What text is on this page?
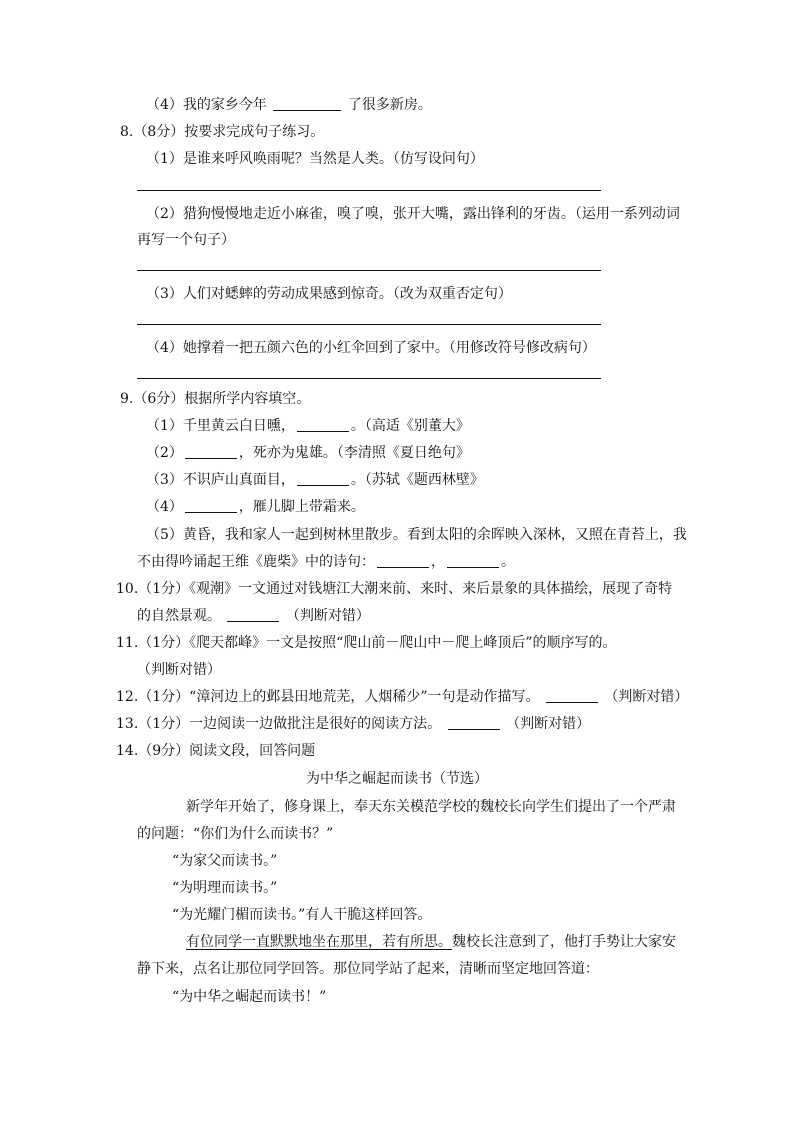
（4）我的家乡今年	了很多新房。
8.（8分）按要求完成句子练习。
（1）是谁来呼风唤雨呢？当然是人类。（仿写设问句）
（2）猎狗慢慢地走近小麻雀，嗅了嗅，张开大嘴，露出锋利的牙齿。（运用一系列动词
再写一个句子）
（3）人们对蟋蟀的劳动成果感到惊奇。（改为双重否定句）
（4）她撑着一把五颜六色的小红伞回到了家中。（用修改符号修改病句）
9.（6分）根据所学内容填空。
（1）千里黄云白日曛，	。（高适《别董大》
（2）	，死亦为鬼雄。（李清照《夏日绝句》
（3）不识庐山真面目，	。（苏轼《题西林壁》
（4）	，雁儿脚上带霜来。
（5）黄昏，我和家人一起到树林里散步。看到太阳的余晖映入深林，又照在青苔上，我
不由得吟诵起王维《鹿柴》中的诗句：	，	。
10.（1分）《观潮》一文通过对钱塘江大潮来前、来时、来后景象的具体描绘，展现了奇特
的自然景观。	（判断对错）
11.（1分）《爬天都峰》一文是按照“爬山前－爬山中－爬上峰顶后”的顺序写的。
（判断对错）
12.（1分）“漳河边上的邺县田地荒芜，人烟稀少”一句是动作描写。	（判断对错）
13.（1分）一边阅读一边做批注是很好的阅读方法。	（判断对错）
14.（9分）阅读文段，回答问题
为中华之崛起而读书（节选）
新学年开始了，修身课上，奉天东关模范学校的魏校长向学生们提出了一个严肃
的问题：“你们为什么而读书？”
“为家父而读书。”
“为明理而读书。”
“为光耀门楣而读书。”有人干脆这样回答。
有位同学一直默默地坐在那里，若有所思。魏校长注意到了，他打手势让大家安
静下来，点名让那位同学回答。那位同学站了起来，清晰而坚定地回答道：
“为中华之崛起而读书！”
